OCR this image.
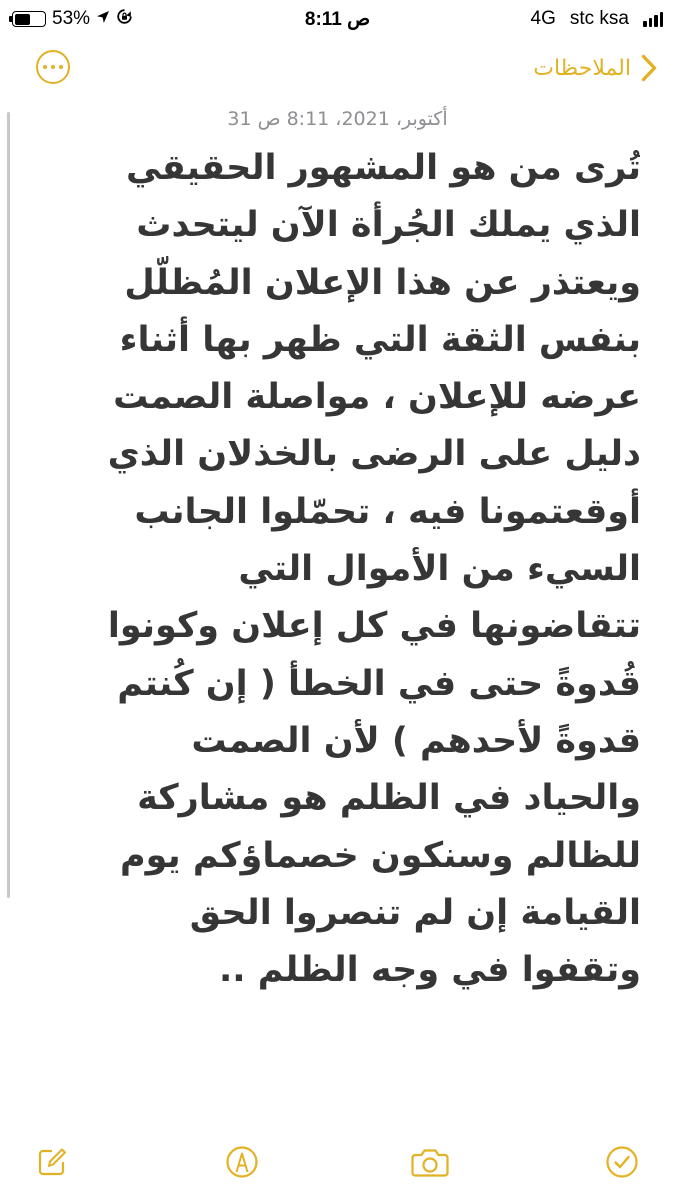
53%	8:11 ص	4G stc ksa
الملاحظات
31 أكتوبر، 2021، 8:11 ص
تُرى من هو المشهور الحقيقي
الذي يملك الجُرأة الآن ليتحدث
ويعتذر عن هذا الإعلان المُظلّل
بنفس الثقة التي ظهر بها أثناء
عرضه للإعلان ، مواصلة الصمت
دليل على الرضى بالخذلان الذي
أوقعتمونا فيه ، تحمّلوا الجانب
السيء من الأموال التي
تتقاضونها في كل إعلان وكونوا
قُدوةً حتى في الخطأ ( إن كُنتم
قدوةً لأحدهم ) لأن الصمت
والحياد في الظلم هو مشاركة
للظالم وسنكون خصماؤكم يوم
القيامة إن لم تنصروا الحق
وتقفوا في وجه الظلم ..
